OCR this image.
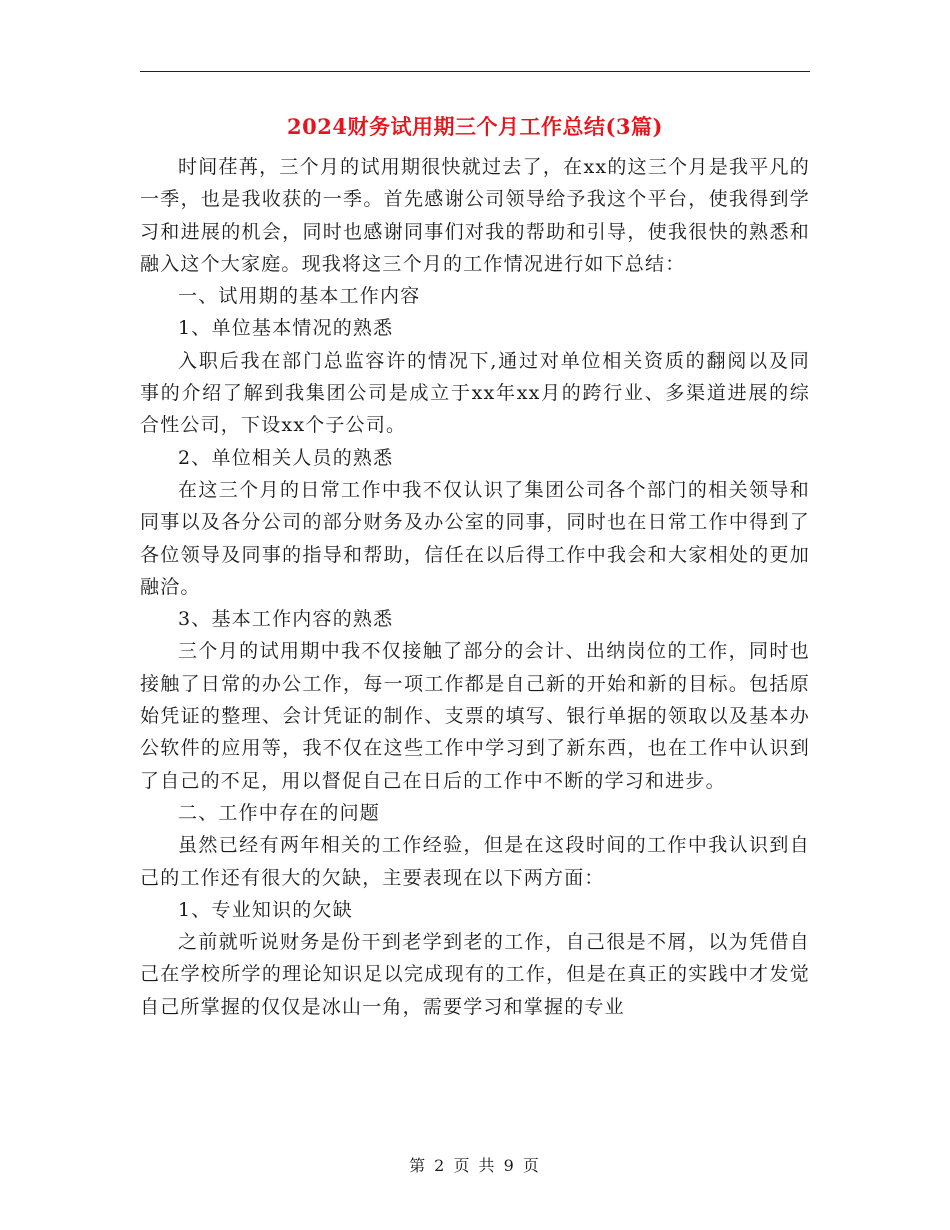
2024财务试用期三个月工作总结(3篇)

时间荏苒，三个月的试用期很快就过去了，在xx的这三个月是我平凡的一季，也是我收获的一季。首先感谢公司领导给予我这个平台，使我得到学习和进展的机会，同时也感谢同事们对我的帮助和引导，使我很快的熟悉和融入这个大家庭。现我将这三个月的工作情况进行如下总结：

一、试用期的基本工作内容

1、单位基本情况的熟悉

入职后我在部门总监容许的情况下,通过对单位相关资质的翻阅以及同事的介绍了解到我集团公司是成立于xx年xx月的跨行业、多渠道进展的综合性公司，下设xx个子公司。

2、单位相关人员的熟悉

在这三个月的日常工作中我不仅认识了集团公司各个部门的相关领导和同事以及各分公司的部分财务及办公室的同事，同时也在日常工作中得到了各位领导及同事的指导和帮助，信任在以后得工作中我会和大家相处的更加融洽。

3、基本工作内容的熟悉

三个月的试用期中我不仅接触了部分的会计、出纳岗位的工作，同时也接触了日常的办公工作，每一项工作都是自己新的开始和新的目标。包括原始凭证的整理、会计凭证的制作、支票的填写、银行单据的领取以及基本办公软件的应用等，我不仅在这些工作中学习到了新东西，也在工作中认识到了自己的不足，用以督促自己在日后的工作中不断的学习和进步。

二、工作中存在的问题

虽然已经有两年相关的工作经验，但是在这段时间的工作中我认识到自己的工作还有很大的欠缺，主要表现在以下两方面：

1、专业知识的欠缺

之前就听说财务是份干到老学到老的工作，自己很是不屑，以为凭借自己在学校所学的理论知识足以完成现有的工作，但是在真正的实践中才发觉自己所掌握的仅仅是冰山一角，需要学习和掌握的专业

第 2 页 共 9 页
